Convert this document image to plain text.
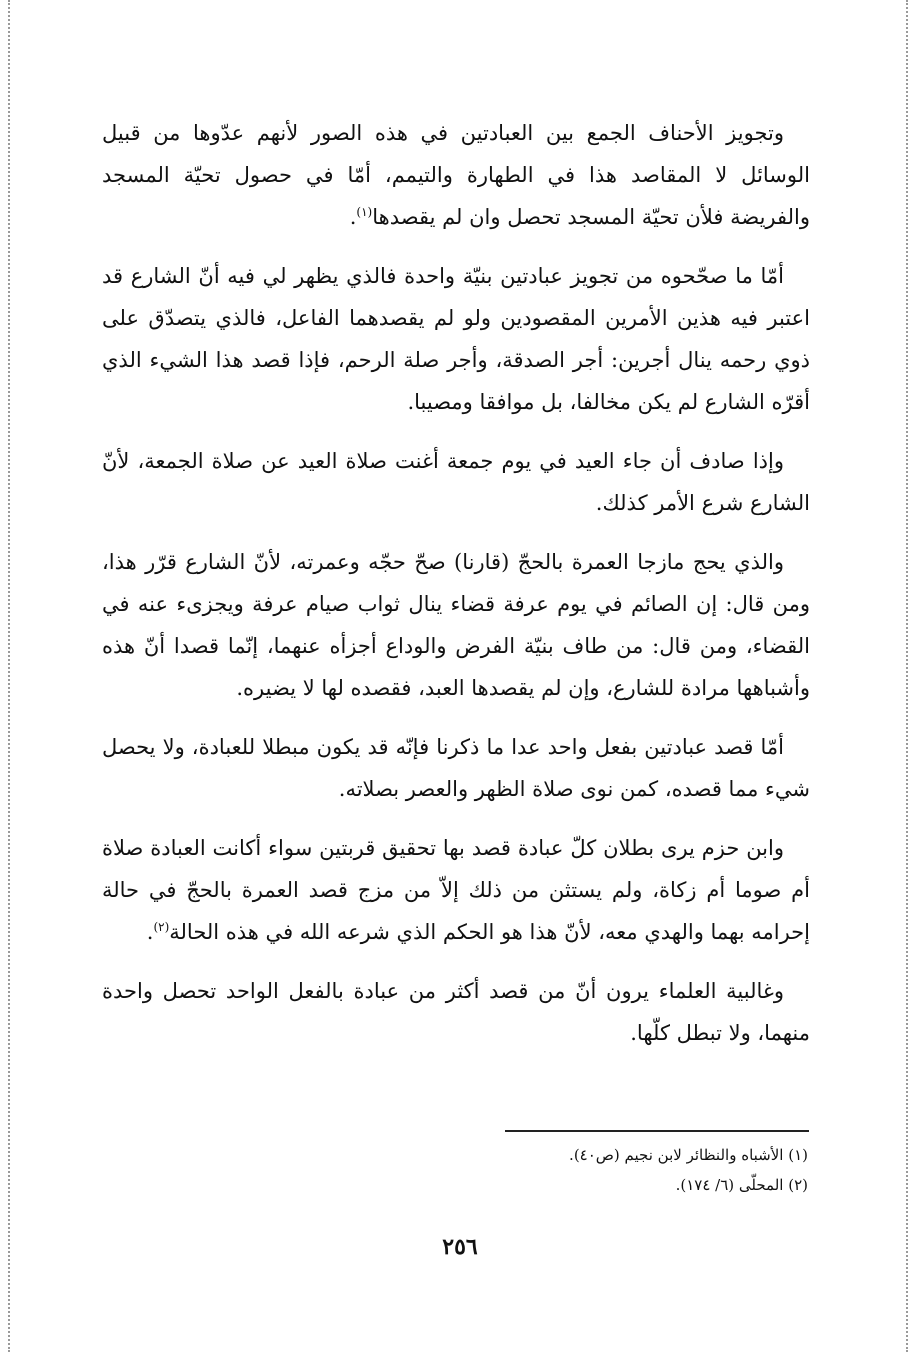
وتجويز الأحناف الجمع بين العبادتين في هذه الصور لأنهم عدّوها من قبيل الوسائل لا المقاصد هذا في الطهارة والتيمم، أمّا في حصول تحيّة المسجد والفريضة فلأن تحيّة المسجد تحصل وان لم يقصدها$^{(١)}$.

أمّا ما صحّحوه من تجويز عبادتين بنيّة واحدة فالذي يظهر لي فيه أنّ الشارع قد اعتبر فيه هذين الأمرين المقصودين ولو لم يقصدهما الفاعل، فالذي يتصدّق على ذوي رحمه ينال أجرين: أجر الصدقة، وأجر صلة الرحم، فإذا قصد هذا الشيء الذي أقرّه الشارع لم يكن مخالفا، بل موافقا ومصيبا.

وإذا صادف أن جاء العيد في يوم جمعة أغنت صلاة العيد عن صلاة الجمعة، لأنّ الشارع شرع الأمر كذلك.

والذي يحج مازجا العمرة بالحجّ (قارنا) صحّ حجّه وعمرته، لأنّ الشارع قرّر هذا، ومن قال: إن الصائم في يوم عرفة قضاء ينال ثواب صيام عرفة ويجزىء عنه في القضاء، ومن قال: من طاف بنيّة الفرض والوداع أجزأه عنهما، إنّما قصدا أنّ هذه وأشباهها مرادة للشارع، وإن لم يقصدها العبد، فقصده لها لا يضيره.

أمّا قصد عبادتين بفعل واحد عدا ما ذكرنا فإنّه قد يكون مبطلا للعبادة، ولا يحصل شيء مما قصده، كمن نوى صلاة الظهر والعصر بصلاته.

وابن حزم يرى بطلان كلّ عبادة قصد بها تحقيق قربتين سواء أكانت العبادة صلاة أم صوما أم زكاة، ولم يستثن من ذلك إلاّ من مزج قصد العمرة بالحجّ في حالة إحرامه بهما والهدي معه، لأنّ هذا هو الحكم الذي شرعه الله في هذه الحالة$^{(٢)}$.

وغالبية العلماء يرون أنّ من قصد أكثر من عبادة بالفعل الواحد تحصل واحدة منهما، ولا تبطل كلّها.

(١) الأشباه والنظائر لابن نجيم (ص٤٠).

(٢) المحلّى (٦/ ١٧٤).

٢٥٦
